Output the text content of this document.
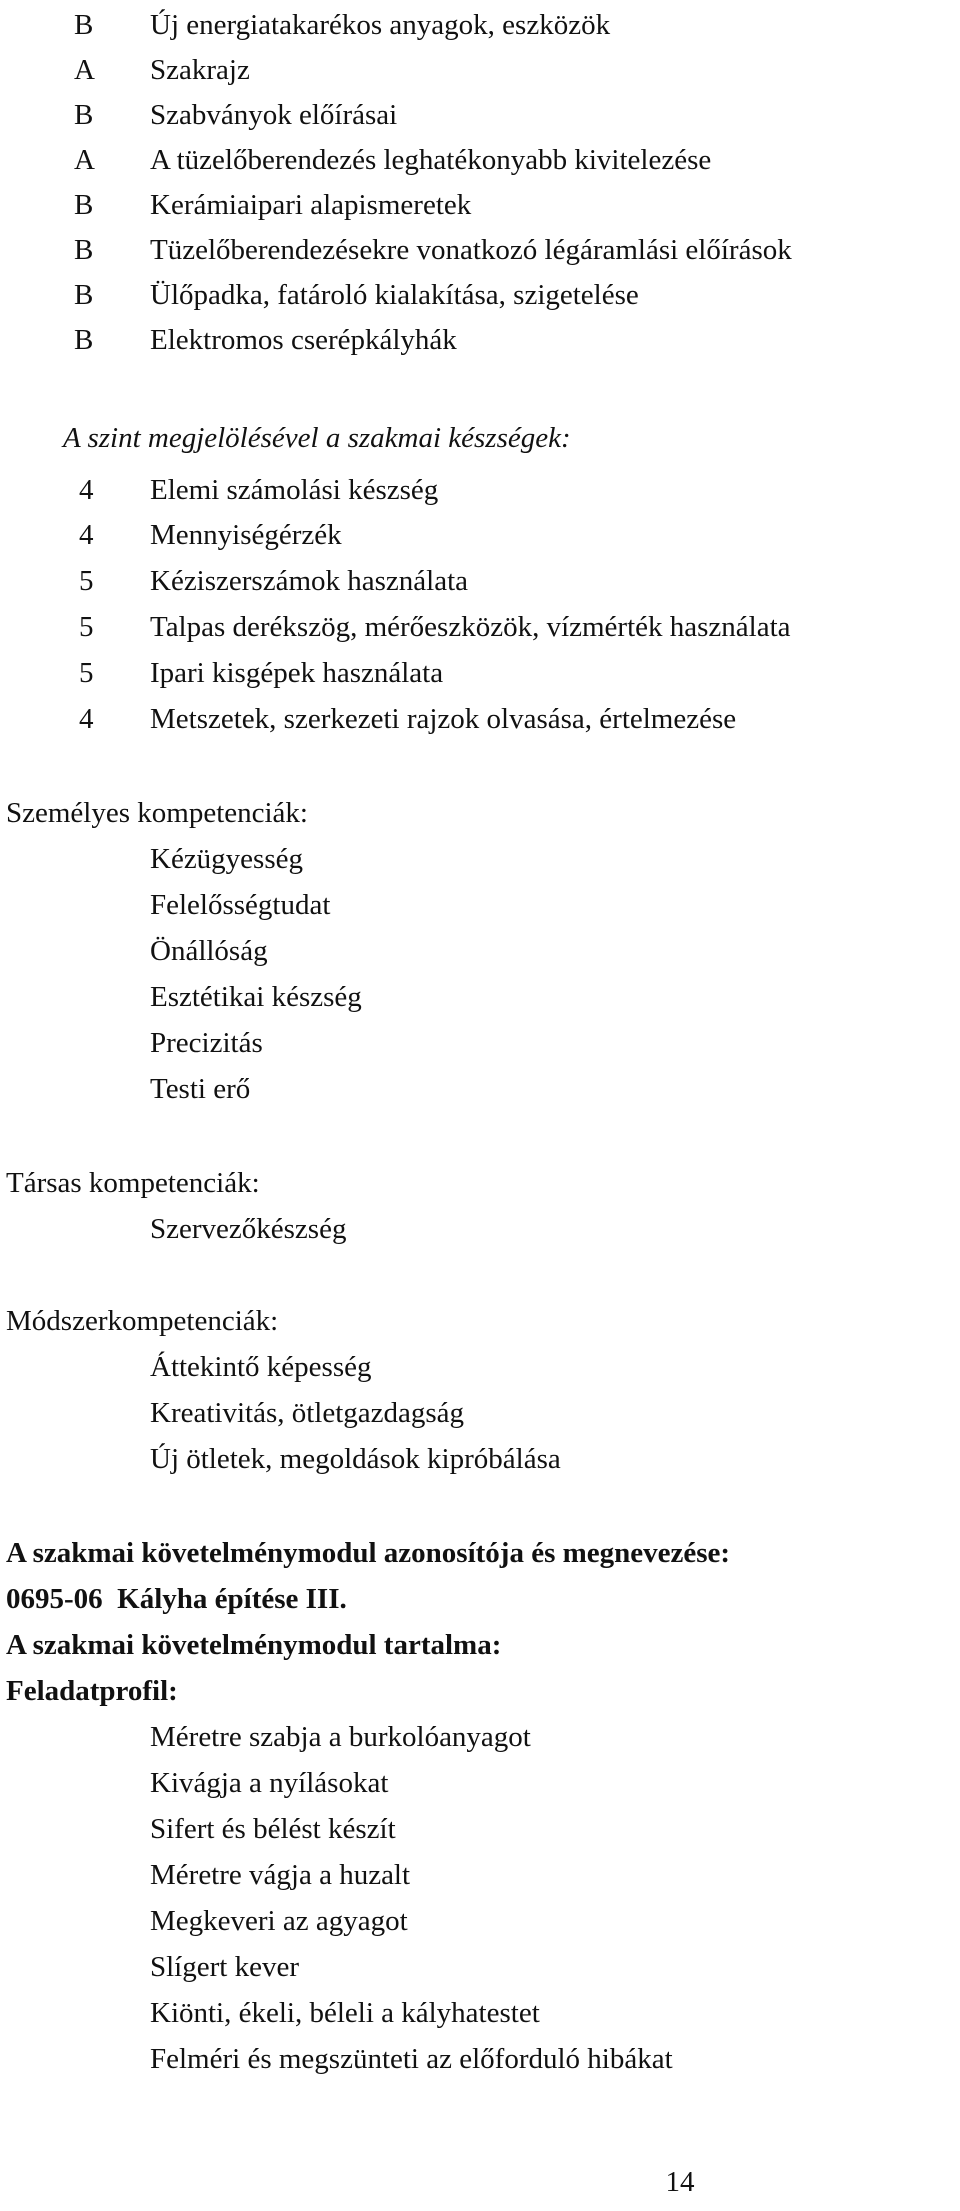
B Új energiatakarékos anyagok, eszközök
A Szakrajz
B Szabványok előírásai
A A tüzelőberendezés leghatékonyabb kivitelezése
B Kerámiaipari alapismeretek
B Tüzelőberendezésekre vonatkozó légáramlási előírások
B Ülőpadka, fatároló kialakítása, szigetelése
B Elektromos cserépkályhák
A szint megjelölésével a szakmai készségek:
4 Elemi számolási készség
4 Mennyiségérzék
5 Kéziszerszámok használata
5 Talpas derékszög, mérőeszközök, vízmérték használata
5 Ipari kisgépek használata
4 Metszetek, szerkezeti rajzok olvasása, értelmezése
Személyes kompetenciák:
Kézügyesség
Felelősségtudat
Önállóság
Esztétikai készség
Precizitás
Testi erő
Társas kompetenciák:
Szervezőkészség
Módszerkompetenciák:
Áttekintő képesség
Kreativitás, ötletgazdagság
Új ötletek, megoldások kipróbálása
A szakmai követelménymodul azonosítója és megnevezése:
0695-06  Kályha építése III.
A szakmai követelménymodul tartalma:
Feladatprofil:
Méretre szabja a burkolóanyagot
Kivágja a nyílásokat
Sifert és bélést készít
Méretre vágja a huzalt
Megkeveri az agyagot
Slígert kever
Kiönti, ékeli, béleli a kályhatestet
Felméri és megszünteti az előforduló hibákat
14
